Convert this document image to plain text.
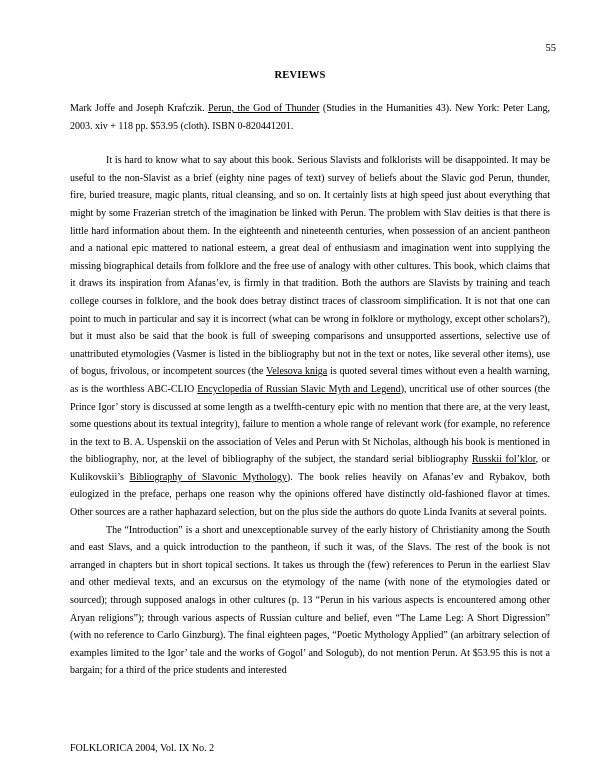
55
REVIEWS

Mark Joffe and Joseph Krafczik. Perun, the God of Thunder (Studies in the Humanities 43). New York: Peter Lang, 2003. xiv + 118 pp. $53.95 (cloth). ISBN 0-820441201.

It is hard to know what to say about this book. Serious Slavists and folklorists will be disappointed. It may be useful to the non-Slavist as a brief (eighty nine pages of text) survey of beliefs about the Slavic god Perun, thunder, fire, buried treasure, magic plants, ritual cleansing, and so on. It certainly lists at high speed just about everything that might by some Frazerian stretch of the imagination be linked with Perun. The problem with Slav deities is that there is little hard information about them. In the eighteenth and nineteenth centuries, when possession of an ancient pantheon and a national epic mattered to national esteem, a great deal of enthusiasm and imagination went into supplying the missing biographical details from folklore and the free use of analogy with other cultures. This book, which claims that it draws its inspiration from Afanas’ev, is firmly in that tradition. Both the authors are Slavists by training and teach college courses in folklore, and the book does betray distinct traces of classroom simplification. It is not that one can point to much in particular and say it is incorrect (what can be wrong in folklore or mythology, except other scholars?), but it must also be said that the book is full of sweeping comparisons and unsupported assertions, selective use of unattributed etymologies (Vasmer is listed in the bibliography but not in the text or notes, like several other items), use of bogus, frivolous, or incompetent sources (the Velesova kniga is quoted several times without even a health warning, as is the worthless ABC-CLIO Encyclopedia of Russian Slavic Myth and Legend), uncritical use of other sources (the Prince Igor’ story is discussed at some length as a twelfth-century epic with no mention that there are, at the very least, some questions about its textual integrity), failure to mention a whole range of relevant work (for example, no reference in the text to B. A. Uspenskii on the association of Veles and Perun with St Nicholas, although his book is mentioned in the bibliography, nor, at the level of bibliography of the subject, the standard serial bibliography Russkii fol’klor, or Kulikovskii’s Bibliography of Slavonic Mythology). The book relies heavily on Afanas’ev and Rybakov, both eulogized in the preface, perhaps one reason why the opinions offered have distinctly old-fashioned flavor at times. Other sources are a rather haphazard selection, but on the plus side the authors do quote Linda Ivanits at several points.

The “Introduction” is a short and unexceptionable survey of the early history of Christianity among the South and east Slavs, and a quick introduction to the pantheon, if such it was, of the Slavs. The rest of the book is not arranged in chapters but in short topical sections. It takes us through the (few) references to Perun in the earliest Slav and other medieval texts, and an excursus on the etymology of the name (with none of the etymologies dated or sourced); through supposed analogs in other cultures (p. 13 “Perun in his various aspects is encountered among other Aryan religions”); through various aspects of Russian culture and belief, even “The Lame Leg: A Short Digression” (with no reference to Carlo Ginzburg). The final eighteen pages, “Poetic Mythology Applied” (an arbitrary selection of examples limited to the Igor’ tale and the works of Gogol’ and Sologub), do not mention Perun. At $53.95 this is not a bargain; for a third of the price students and interested

FOLKLORICA 2004, Vol. IX No. 2
